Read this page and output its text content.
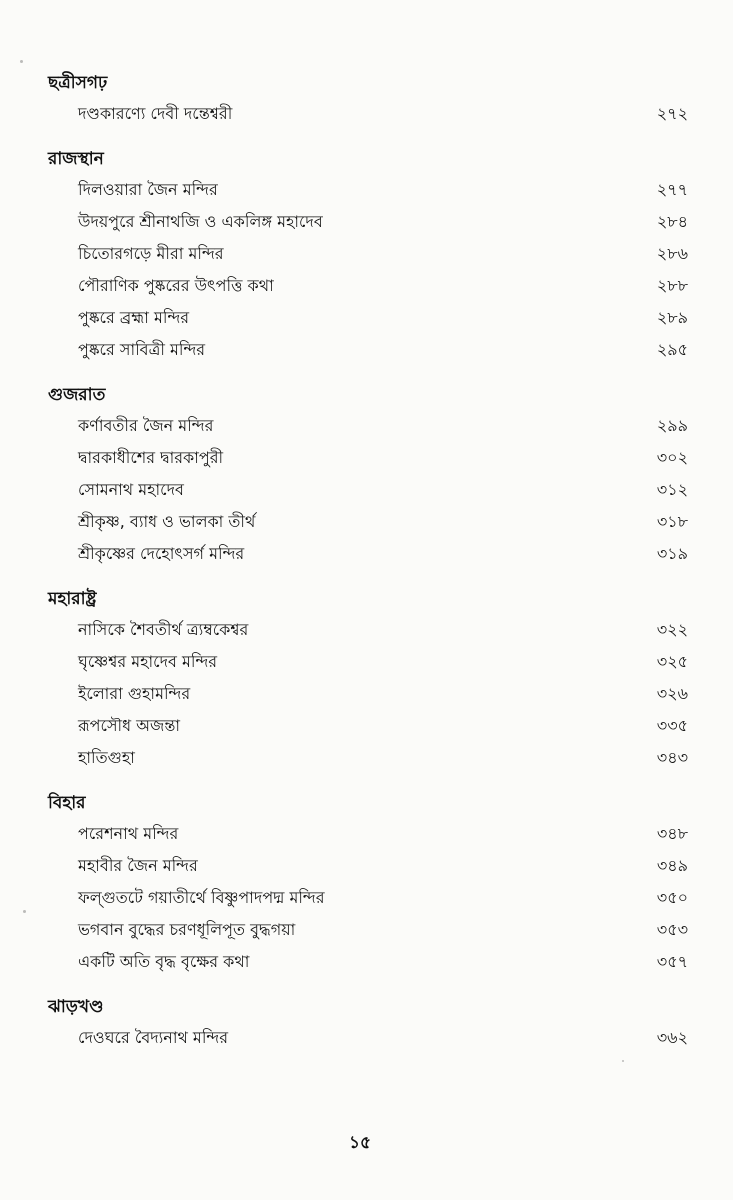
ছত্রীসগঢ়
দণ্ডকারণ্যে দেবী দন্তেশ্বরী	২৭২
রাজস্থান
দিলওয়ারা জৈন মন্দির	২৭৭
উদয়পুরে শ্রীনাথজি ও একলিঙ্গ মহাদেব	২৮৪
চিতোরগড়ে মীরা মন্দির	২৮৬
পৌরাণিক পুষ্করের উৎপত্তি কথা	২৮৮
পুষ্করে ব্রহ্মা মন্দির	২৮৯
পুষ্করে সাবিত্রী মন্দির	২৯৫
গুজরাত
কর্ণাবতীর জৈন মন্দির	২৯৯
দ্বারকাধীশের দ্বারকাপুরী	৩০২
সোমনাথ মহাদেব	৩১২
শ্রীকৃষ্ণ, ব্যাধ ও ভালকা তীর্থ	৩১৮
শ্রীকৃষ্ণের দেহোৎসর্গ মন্দির	৩১৯
মহারাষ্ট্র
নাসিকে শৈবতীর্থ ত্র্যম্বকেশ্বর	৩২২
ঘৃষ্ণেশ্বর মহাদেব মন্দির	৩২৫
ইলোরা গুহামন্দির	৩২৬
রূপসৌধ অজন্তা	৩৩৫
হাতিগুহা	৩৪৩
বিহার
পরেশনাথ মন্দির	৩৪৮
মহাবীর জৈন মন্দির	৩৪৯
ফল্গুতটে গয়াতীর্থে বিষ্ণুপাদপদ্ম মন্দির	৩৫০
ভগবান বুদ্ধের চরণধূলিপূত বুদ্ধগয়া	৩৫৩
একটি অতি বৃদ্ধ বৃক্ষের কথা	৩৫৭
ঝাড়খণ্ড
দেওঘরে বৈদ্যনাথ মন্দির	৩৬২
১৫
